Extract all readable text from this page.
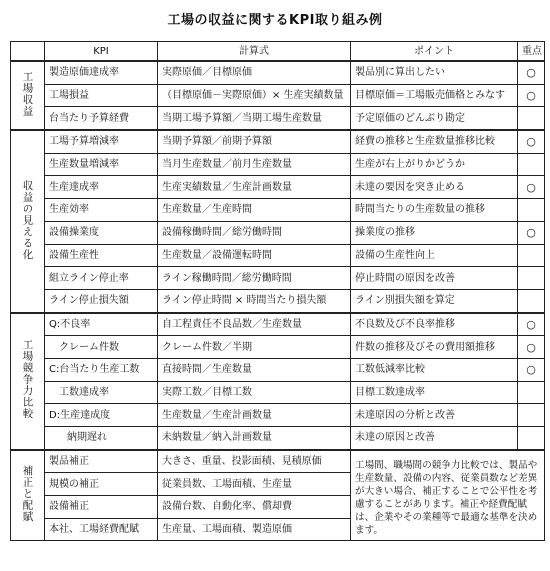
工場の収益に関するKPI取り組み例
	KPI	計算式	ポイント	重点
工場収益	製造原価達成率	実際原価／目標原価	製品別に算出したい	○
	工場損益	（目標原価－実際原価）× 生産実績数量	目標原価＝工場販売価格とみなす	○
	台当たり予算経費	当期工場予算額／当期工場生産数量	予定原価のどんぶり勘定	
収益の見える化	工場予算増減率	当期予算額／前期予算額	経費の推移と生産数量推移比較	○
	生産数量増減率	当月生産数量／前月生産数量	生産が右上がりかどうか	
	生産達成率	生産実績数量／生産計画数量	未達の要因を突き止める	○
	生産効率	生産数量／生産時間	時間当たりの生産数量の推移	
	設備操業度	設備稼働時間／総労働時間	操業度の推移	○
	設備生産性	生産数量／設備運転時間	設備の生産性向上	
	組立ライン停止率	ライン稼働時間／総労働時間	停止時間の原因を改善	
	ライン停止損失額	ライン停止時間 × 時間当たり損失額	ライン別損失額を算定	
工場競争力比較	Q:不良率	自工程責任不良品数／生産数量	不良数及び不良率推移	○
	クレーム件数	クレーム件数／半期	件数の推移及びその費用額推移	○
	C:台当たり生産工数	直接時間／生産数量	工数低減率比較	○
	工数達成率	実際工数／目標工数	目標工数達成率	
	D:生産達成度	生産数量／生産計画数量	未達原因の分析と改善	
	納期遅れ	未納数量／納入計画数量	未達の原因と改善	
補正と配賦	製品補正	大きさ、重量、投影面積、見積原価	工場間、職場間の競争力比較では、製品や生産数量、設備の内容、従業員数など差異が大きい場合、補正することで公平性を考慮することがあります。補正や経費配賦は、企業やその業種等で最適な基準を決めます。	
	規模の補正	従業員数、工場面積、生産量		
	設備補正	設備台数、自動化率、償却費		
	本社、工場経費配賦	生産量、工場面積、製造原価		
